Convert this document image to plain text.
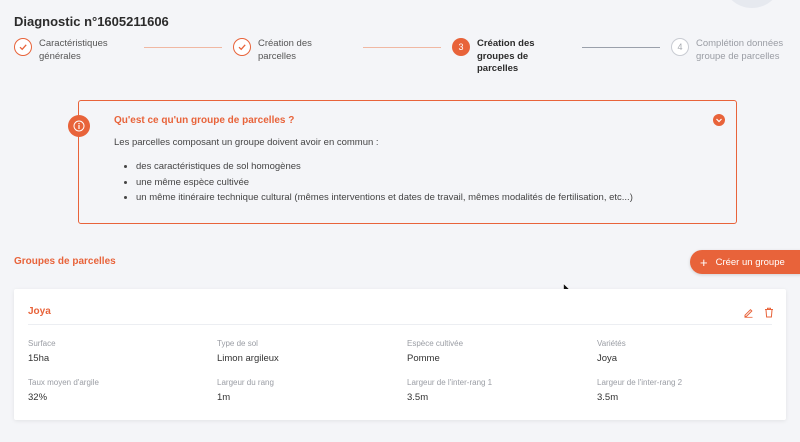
Diagnostic n°1605211606
Caractéristiques
générales
Création des
parcelles
3	Création des
groupes de
parcelles
4	Complétion données
groupe de parcelles
Qu'est ce qu'un groupe de parcelles ?
Les parcelles composant un groupe doivent avoir en commun :
• des caractéristiques de sol homogènes
• une même espèce cultivée
• un même itinéraire technique cultural (mêmes interventions et dates de travail, mêmes modalités de fertilisation, etc...)
Groupes de parcelles	+ Créer un groupe
Joya
Surface
15ha
Type de sol
Limon argileux
Espèce cultivée
Pomme
Variétés
Joya
Taux moyen d'argile
32%
Largeur du rang
1m
Largeur de l'inter-rang 1
3.5m
Largeur de l'inter-rang 2
3.5m
